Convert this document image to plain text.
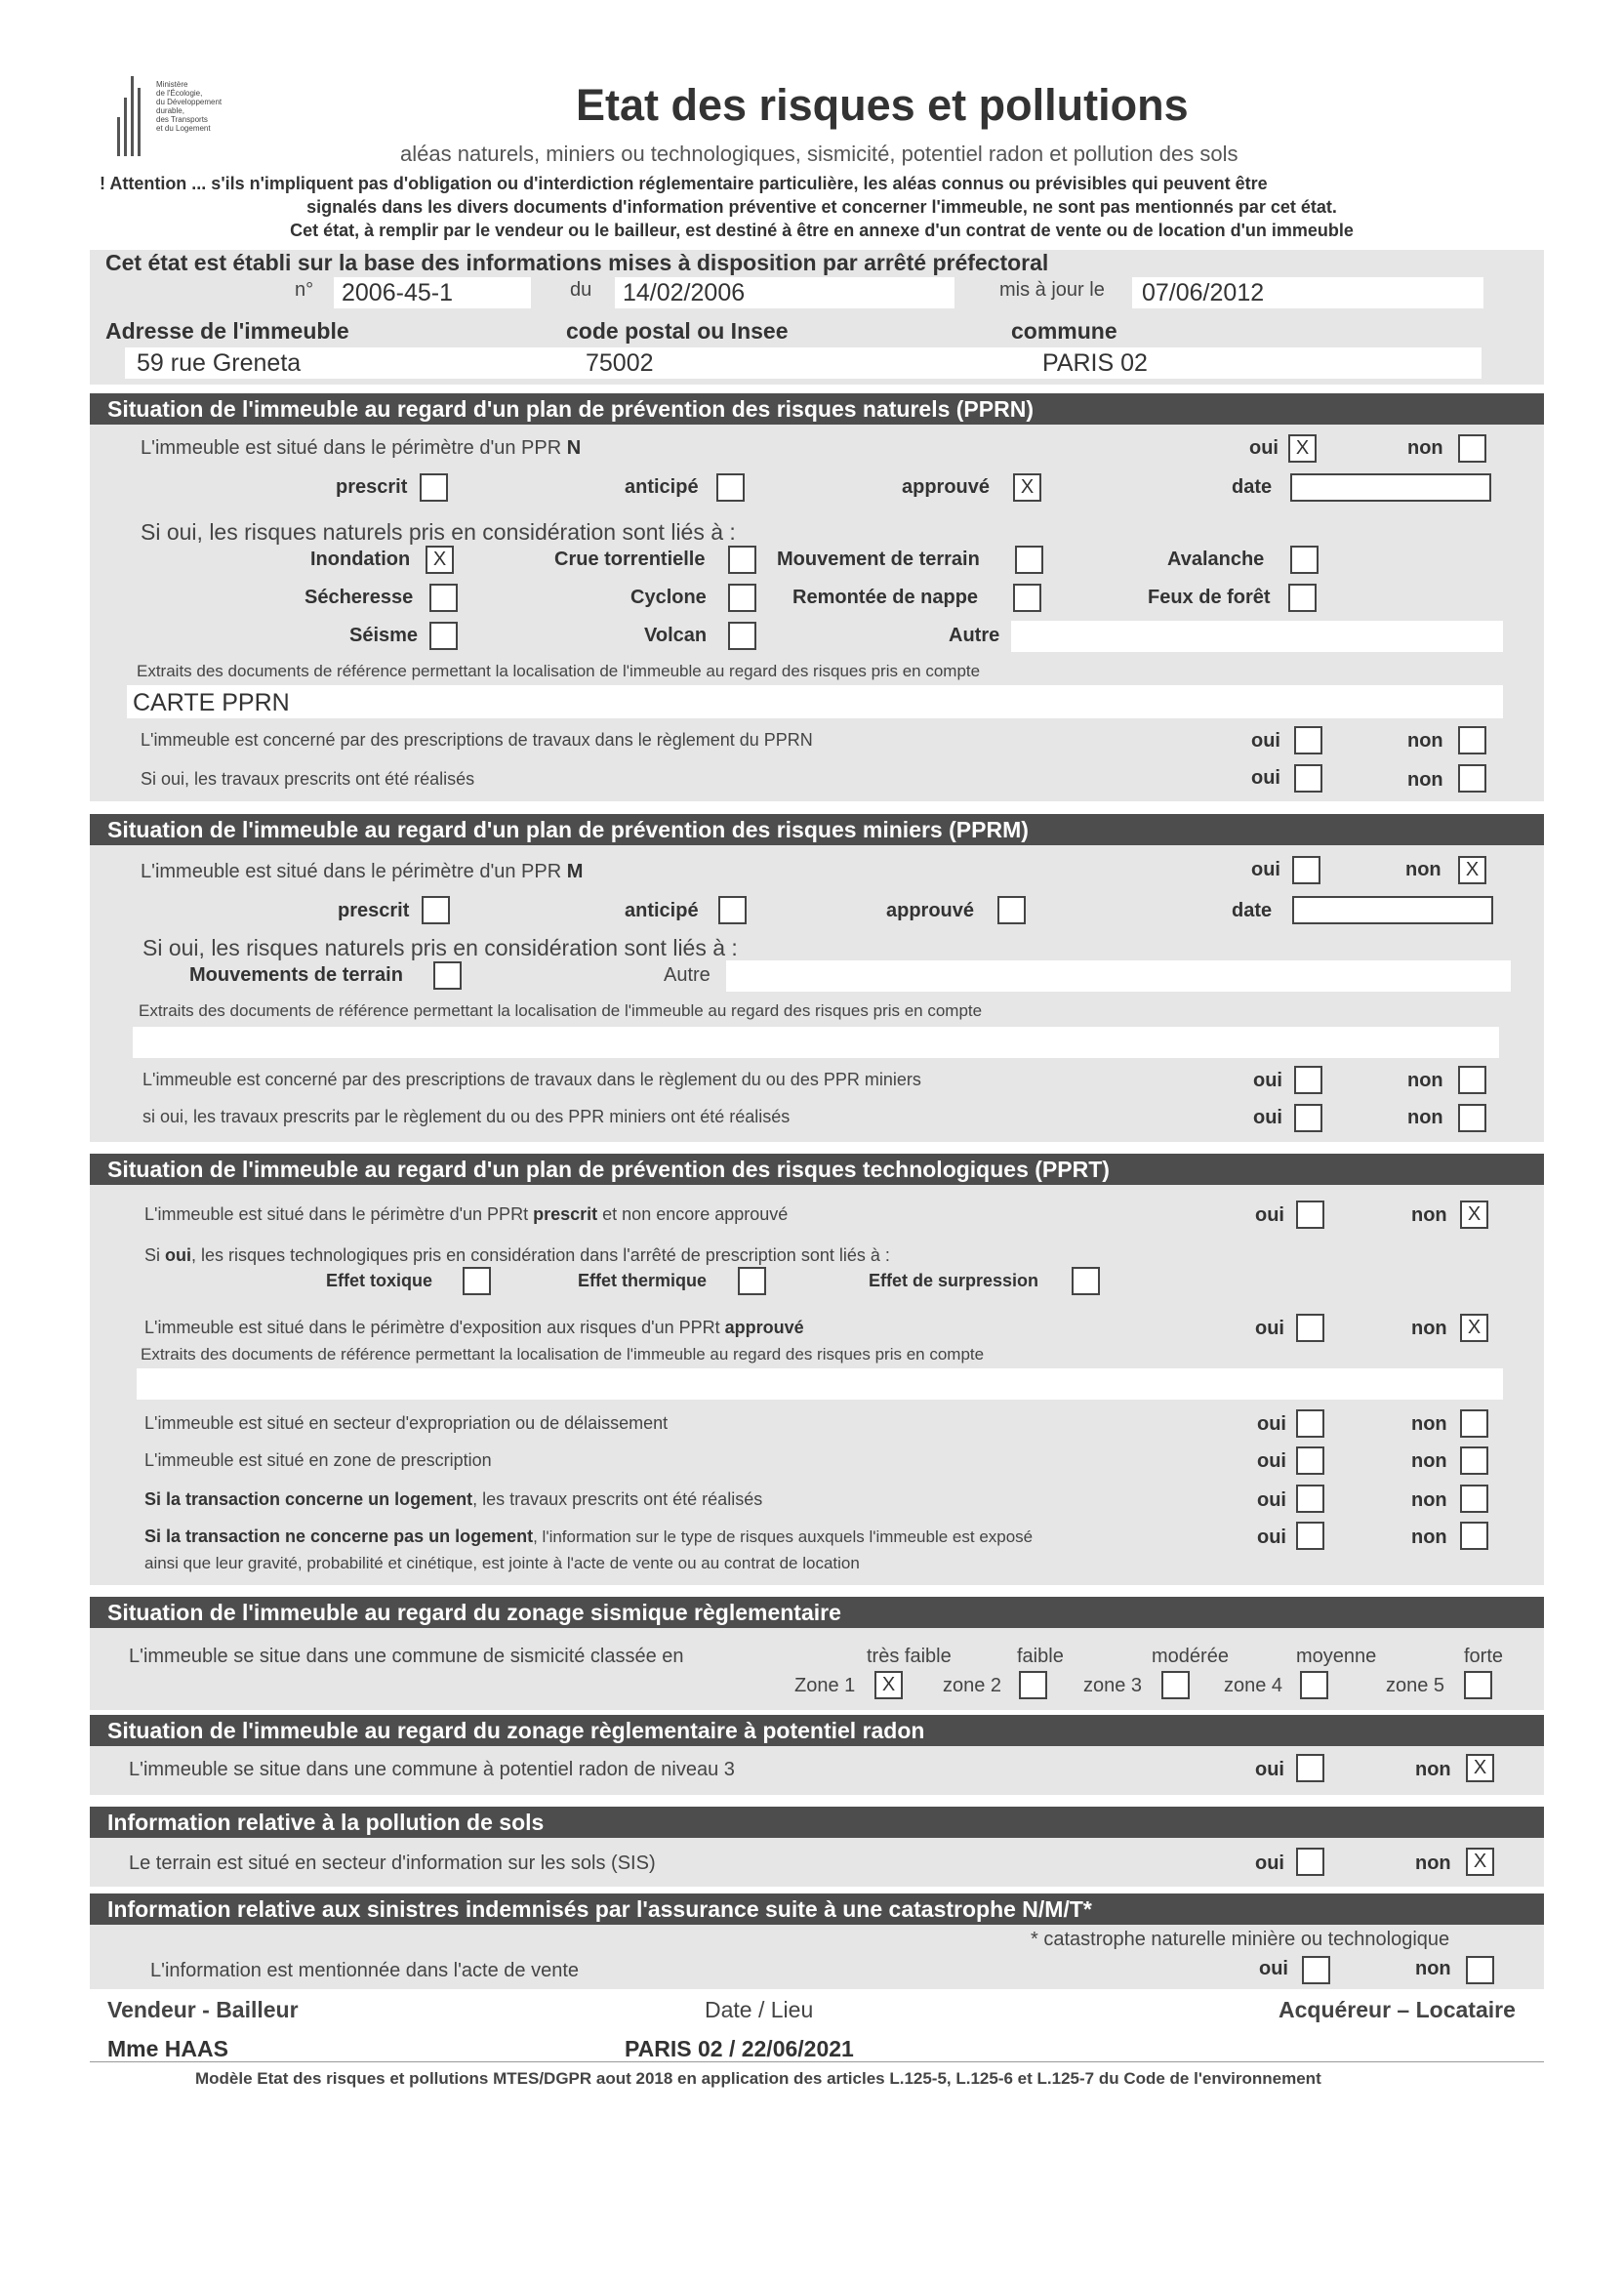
Ministère
de l'Écologie,
du Développement
durable,
des Transports
et du Logement	Etat des risques et pollutions
aléas naturels, miniers ou technologiques, sismicité, potentiel radon et pollution des sols
! Attention ... s'ils n'impliquent pas d'obligation ou d'interdiction réglementaire particulière, les aléas connus ou prévisibles qui peuvent être
signalés dans les divers documents d'information préventive et concerner l'immeuble, ne sont pas mentionnés par cet état.
Cet état, à remplir par le vendeur ou le bailleur, est destiné à être en annexe d'un contrat de vente ou de location d'un immeuble
Cet état est établi sur la base des informations mises à disposition par arrêté préfectoral
n° 2006-45-1	du 14/02/2006	mis à jour le 07/06/2012
Adresse de l'immeuble	code postal ou Insee	commune
59 rue Greneta	75002	PARIS 02
Situation de l'immeuble au regard d'un plan de prévention des risques naturels (PPRN)
L'immeuble est situé dans le périmètre d'un PPR N	oui X	non
prescrit	anticipé	approuvé	X	date
Si oui, les risques naturels pris en considération sont liés à :
Inondation	X	Crue torrentielle	Mouvement de terrain	Avalanche
Sécheresse	Cyclone	Remontée de nappe	Feux de forêt
Séisme	Volcan	Autre
Extraits des documents de référence permettant la localisation de l'immeuble au regard des risques pris en compte
CARTE PPRN
L'immeuble est concerné par des prescriptions de travaux dans le règlement du PPRN	oui	non
Si oui, les travaux prescrits ont été réalisés	oui	non
Situation de l'immeuble au regard d'un plan de prévention des risques miniers (PPRM)
L'immeuble est situé dans le périmètre d'un PPR M	oui	non	X
prescrit	anticipé	approuvé	date
Si oui, les risques naturels pris en considération sont liés à :
Mouvements de terrain	Autre
Extraits des documents de référence permettant la localisation de l'immeuble au regard des risques pris en compte
L'immeuble est concerné par des prescriptions de travaux dans le règlement du ou des PPR miniers	oui	non
si oui, les travaux prescrits par le règlement du ou des PPR miniers ont été réalisés	oui	non
Situation de l'immeuble au regard d'un plan de prévention des risques technologiques (PPRT)
L'immeuble est situé dans le périmètre d'un PPRt prescrit et non encore approuvé	oui	non	X
Si oui, les risques technologiques pris en considération dans l'arrêté de prescription sont liés à :
Effet toxique	Effet thermique	Effet de surpression
L'immeuble est situé dans le périmètre d'exposition aux risques d'un PPRt approuvé	oui	non	X
Extraits des documents de référence permettant la localisation de l'immeuble au regard des risques pris en compte
L'immeuble est situé en secteur d'expropriation ou de délaissement	oui	non
L'immeuble est situé en zone de prescription	oui	non
Si la transaction concerne un logement, les travaux prescrits ont été réalisés	oui	non
Si la transaction ne concerne pas un logement, l'information sur le type de risques auxquels l'immeuble est exposé
ainsi que leur gravité, probabilité et cinétique, est jointe à l'acte de vente ou au contrat de location
oui	non
Situation de l'immeuble au regard du zonage sismique règlementaire
L'immeuble se situe dans une commune de sismicité classée en	très faible	faible	modérée	moyenne	forte
Zone 1	X	zone 2	zone 3	zone 4	zone 5
Situation de l'immeuble au regard du zonage règlementaire à potentiel radon
L'immeuble se situe dans une commune à potentiel radon de niveau 3	oui	non	X
Information relative à la pollution de sols
Le terrain est situé en secteur d'information sur les sols (SIS)	oui	non	X
Information relative aux sinistres indemnisés par l'assurance suite à une catastrophe N/M/T*
* catastrophe naturelle minière ou technologique
L'information est mentionnée dans l'acte de vente	oui	non
Vendeur - Bailleur	Date / Lieu	Acquéreur – Locataire
Mme HAAS	PARIS 02 / 22/06/2021
Modèle Etat des risques et pollutions MTES/DGPR aout 2018 en application des articles L.125-5, L.125-6 et L.125-7 du Code de l'environnement
